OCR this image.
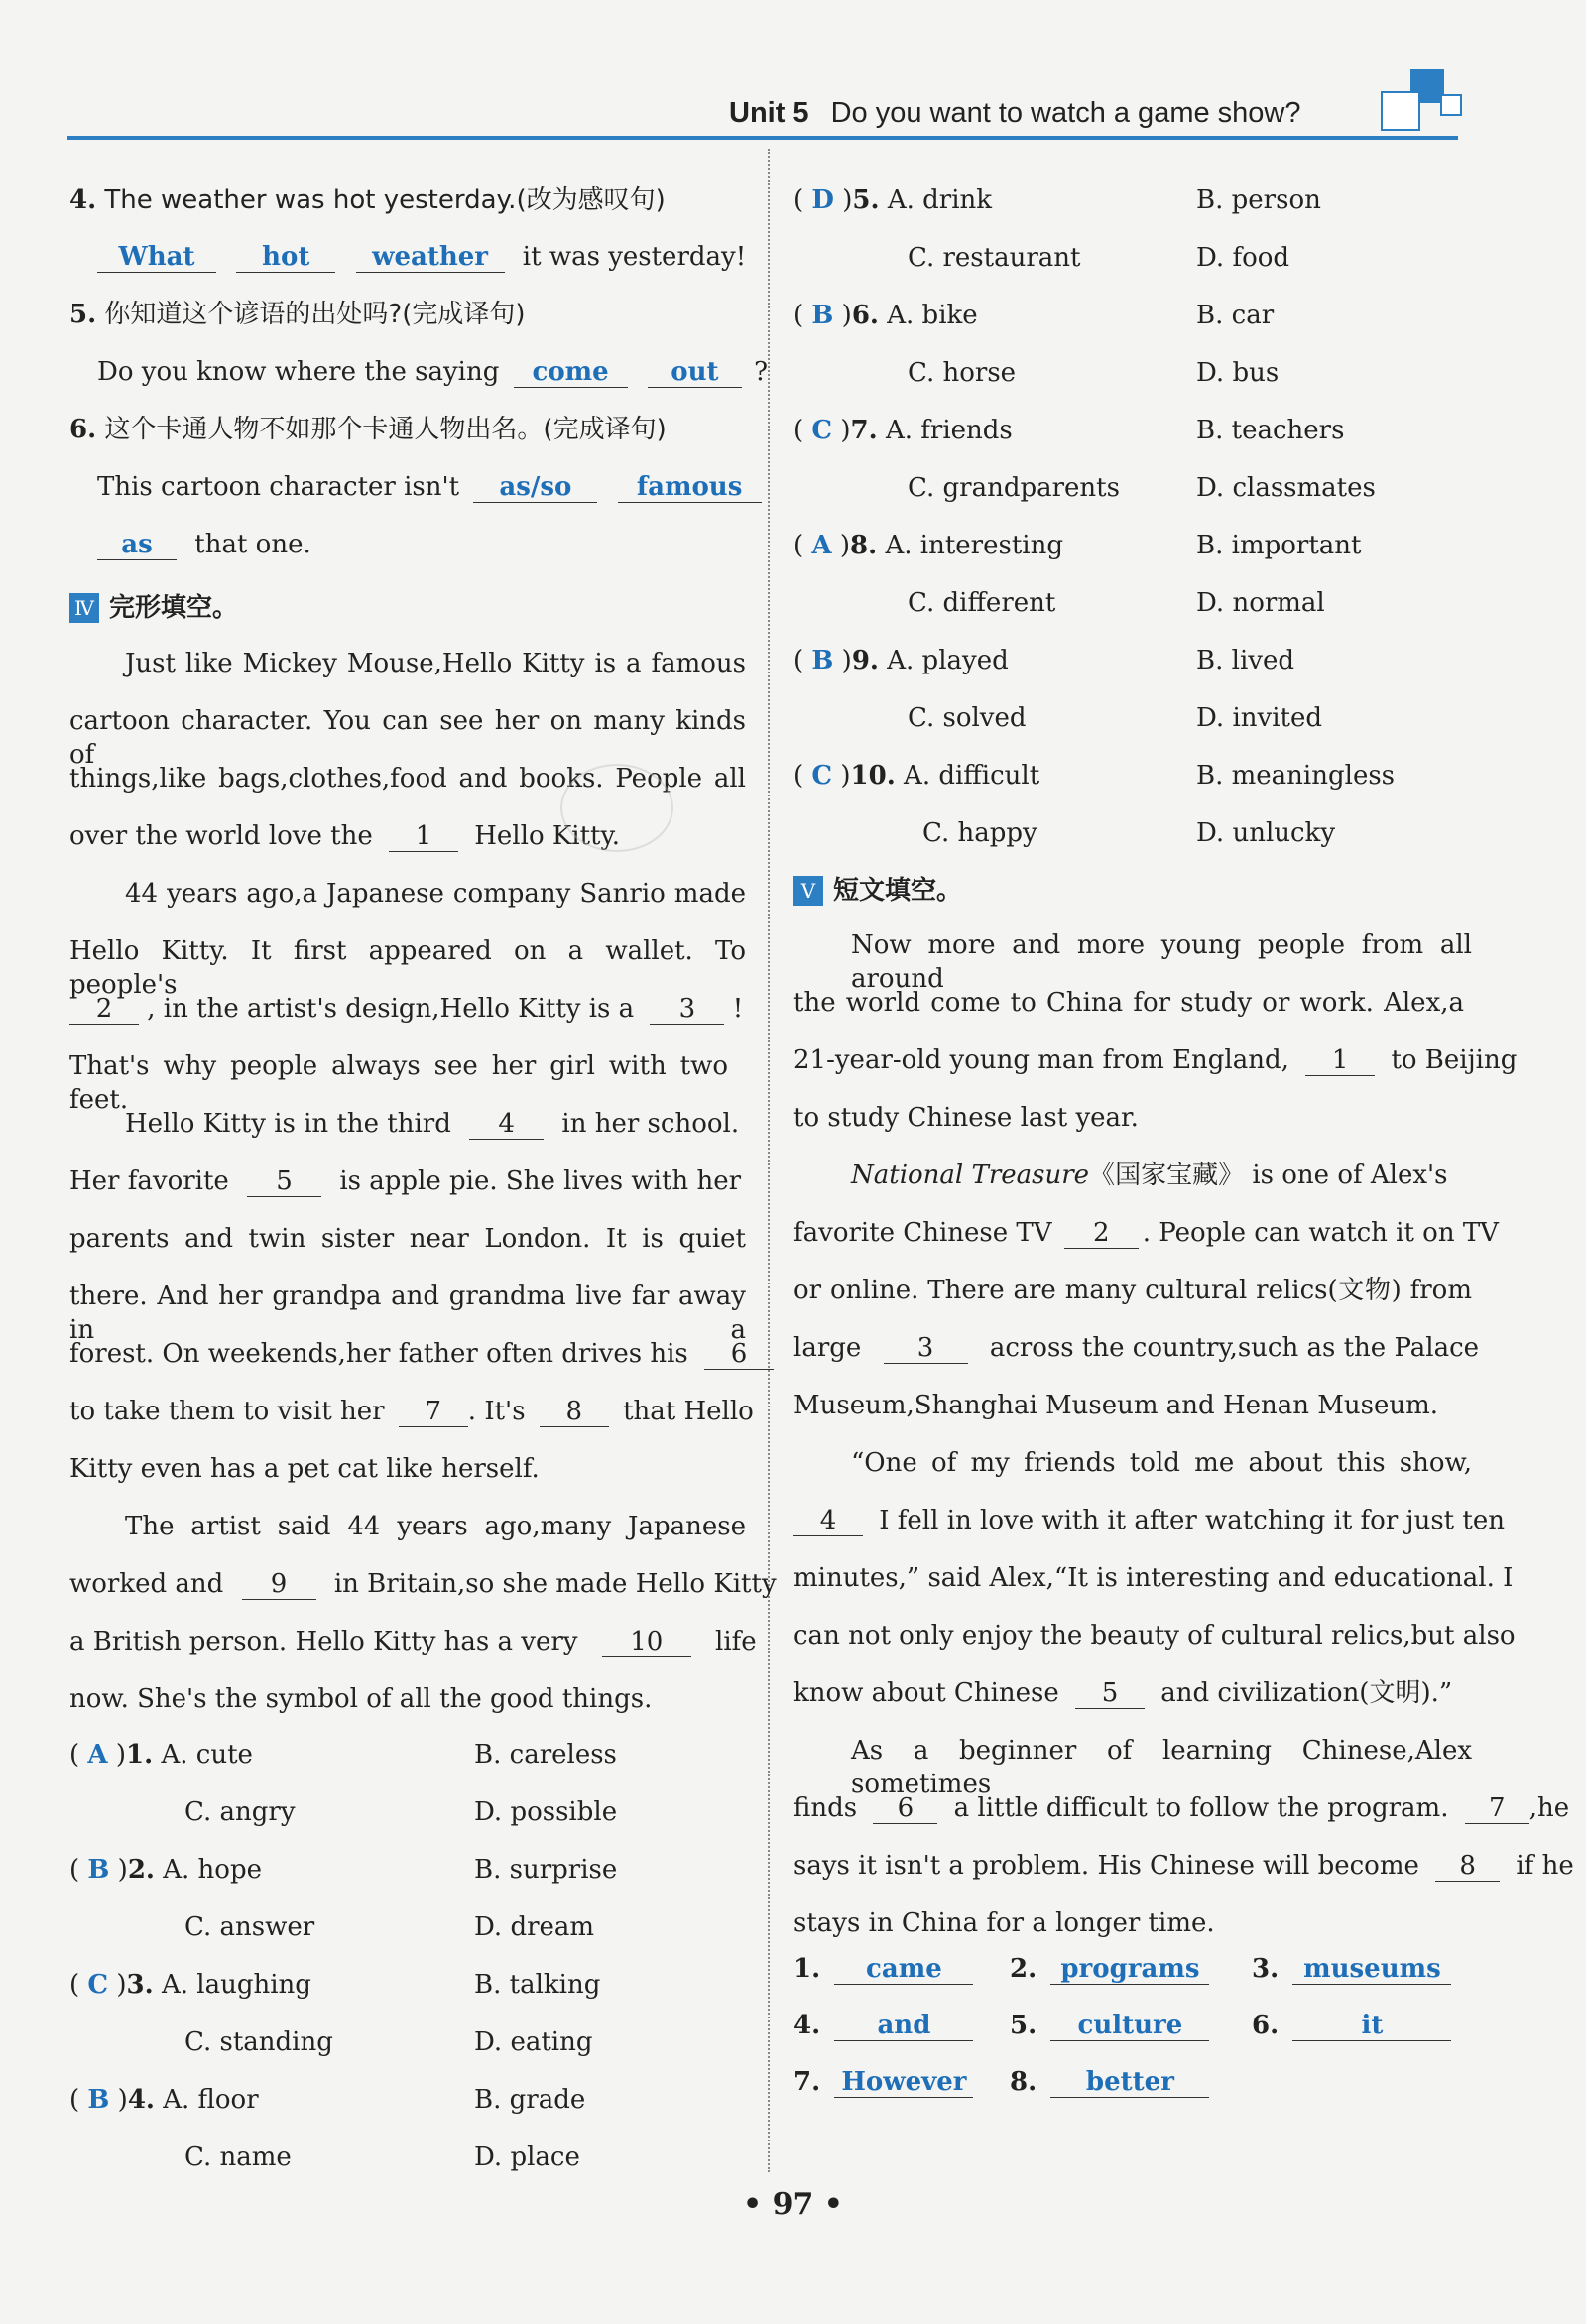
Unit 5 Do you want to watch a game show?
4. The weather was hot yesterday.(改为感叹句)
What	hot weather it was yesterday!
5. 你知道这个谚语的出处吗?(完成译句)
Do you know where the saying come out ?
6. 这个卡通人物不如那个卡通人物出名。(完成译句)
This cartoon character isn't as/so	famous
as that one.
Ⅳ 完形填空。
Just like Mickey Mouse,Hello Kitty is a famous
cartoon character. You can see her on many kinds of
things,like bags,clothes,food and books. People all
over the world love the 1 Hello Kitty.
44 years ago,a Japanese company Sanrio made
Hello Kitty. It first appeared on a wallet. To people's
2 , in the artist's design,Hello Kitty is a 3 !
That's why people always see her girl with two feet.
Hello Kitty is in the third 4 in her school.
Her favorite 5 is apple pie. She lives with her
parents and twin sister near London. It is quiet
there. And her grandpa and grandma live far away in a
forest. On weekends,her father often drives his 6
to take them to visit her 7 . It's 8 that Hello
Kitty even has a pet cat like herself.
The artist said 44 years ago,many Japanese
worked and 9 in Britain,so she made Hello Kitty
a British person. Hello Kitty has a very 10 life
now. She's the symbol of all the good things.
( A )1. A. cute	B. careless
C. angry	D. possible
( B )2. A. hope	B. surprise
C. answer	D. dream
( C )3. A. laughing	B. talking
C. standing	D. eating
( B )4. A. floor	B. grade
C. name	D. place
( D )5. A. drink	B. person
C. restaurant	D. food
( B )6. A. bike	B. car
C. horse	D. bus
( C )7. A. friends	B. teachers
C. grandparents	D. classmates
( A )8. A. interesting	B. important
C. different	D. normal
( B )9. A. played	B. lived
C. solved	D. invited
( C )10. A. difficult	B. meaningless
C. happy	D. unlucky
Ⅴ 短文填空。
Now more and more young people from all around
the world come to China for study or work. Alex,a
21-year-old young man from England, 1 to Beijing
to study Chinese last year.
National Treasure《国家宝藏》 is one of Alex's
favorite Chinese TV 2 . People can watch it on TV
or online. There are many cultural relics(文物) from
large 3 across the country,such as the Palace
Museum,Shanghai Museum and Henan Museum.
“One of my friends told me about this show,
4 I fell in love with it after watching it for just ten
minutes,” said Alex,“It is interesting and educational. I
can not only enjoy the beauty of cultural relics,but also
know about Chinese 5 and civilization(文明).”
As a beginner of learning Chinese,Alex sometimes
finds 6 a little difficult to follow the program. 7 ,he
says it isn't a problem. His Chinese will become 8 if he
stays in China for a longer time.
1. came	2. programs	3. museums
4. and	5. culture	6.	it
7. However 8. better
• 97 •
